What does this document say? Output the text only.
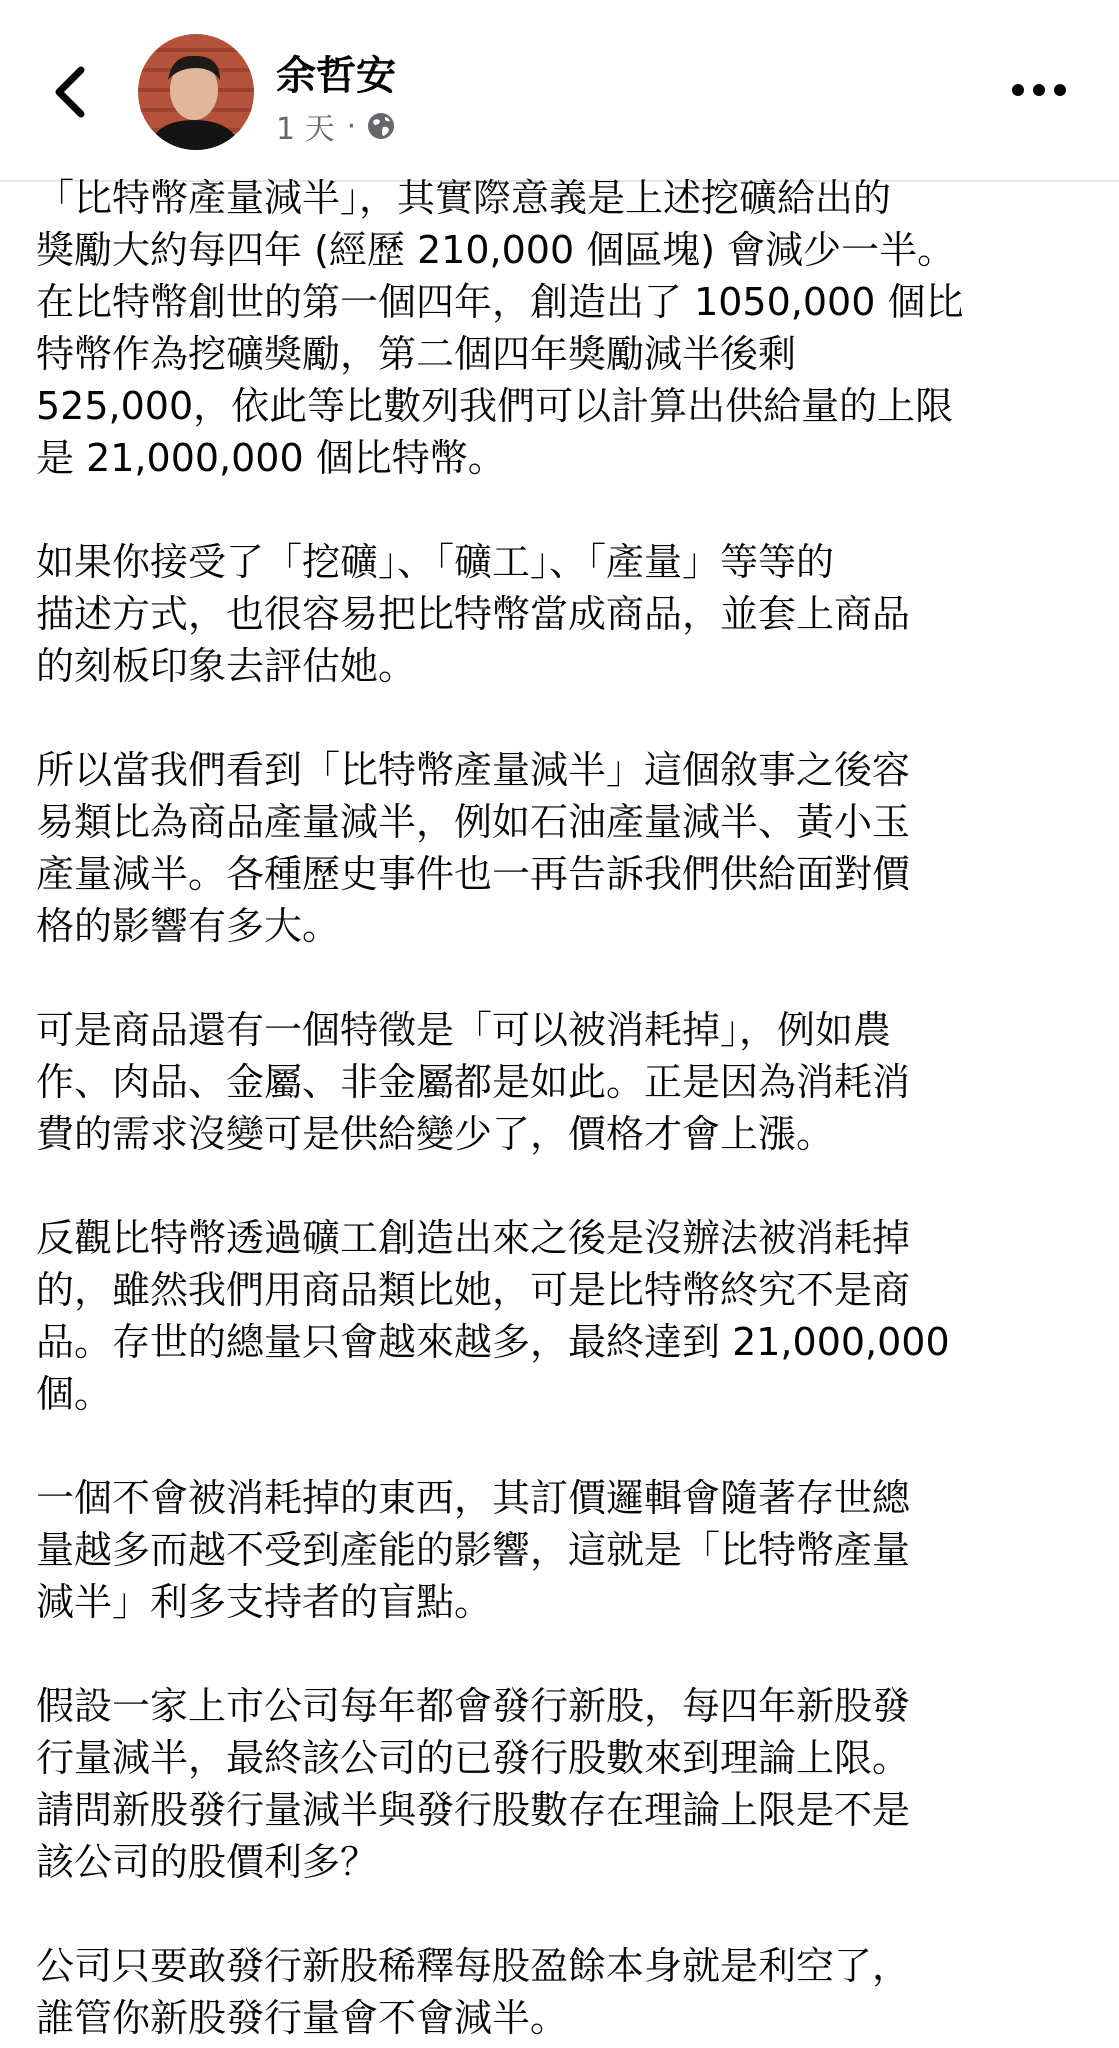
余哲安
1 天 ·

「比特幣產量減半」，其實際意義是上述挖礦給出的
獎勵大約每四年 (經歷 210,000 個區塊) 會減少一半。
在比特幣創世的第一個四年，創造出了 1050,000 個比
特幣作為挖礦獎勵，第二個四年獎勵減半後剩
525,000，依此等比數列我們可以計算出供給量的上限
是 21,000,000 個比特幣。

如果你接受了「挖礦」、「礦工」、「產量」等等的
描述方式，也很容易把比特幣當成商品，並套上商品
的刻板印象去評估她。

所以當我們看到「比特幣產量減半」這個敘事之後容
易類比為商品產量減半，例如石油產量減半、黃小玉
產量減半。各種歷史事件也一再告訴我們供給面對價
格的影響有多大。

可是商品還有一個特徵是「可以被消耗掉」，例如農
作、肉品、金屬、非金屬都是如此。正是因為消耗消
費的需求沒變可是供給變少了，價格才會上漲。

反觀比特幣透過礦工創造出來之後是沒辦法被消耗掉
的，雖然我們用商品類比她，可是比特幣終究不是商
品。存世的總量只會越來越多，最終達到 21,000,000
個。

一個不會被消耗掉的東西，其訂價邏輯會隨著存世總
量越多而越不受到產能的影響，這就是「比特幣產量
減半」利多支持者的盲點。

假設一家上市公司每年都會發行新股，每四年新股發
行量減半，最終該公司的已發行股數來到理論上限。
請問新股發行量減半與發行股數存在理論上限是不是
該公司的股價利多？

公司只要敢發行新股稀釋每股盈餘本身就是利空了，
誰管你新股發行量會不會減半。
